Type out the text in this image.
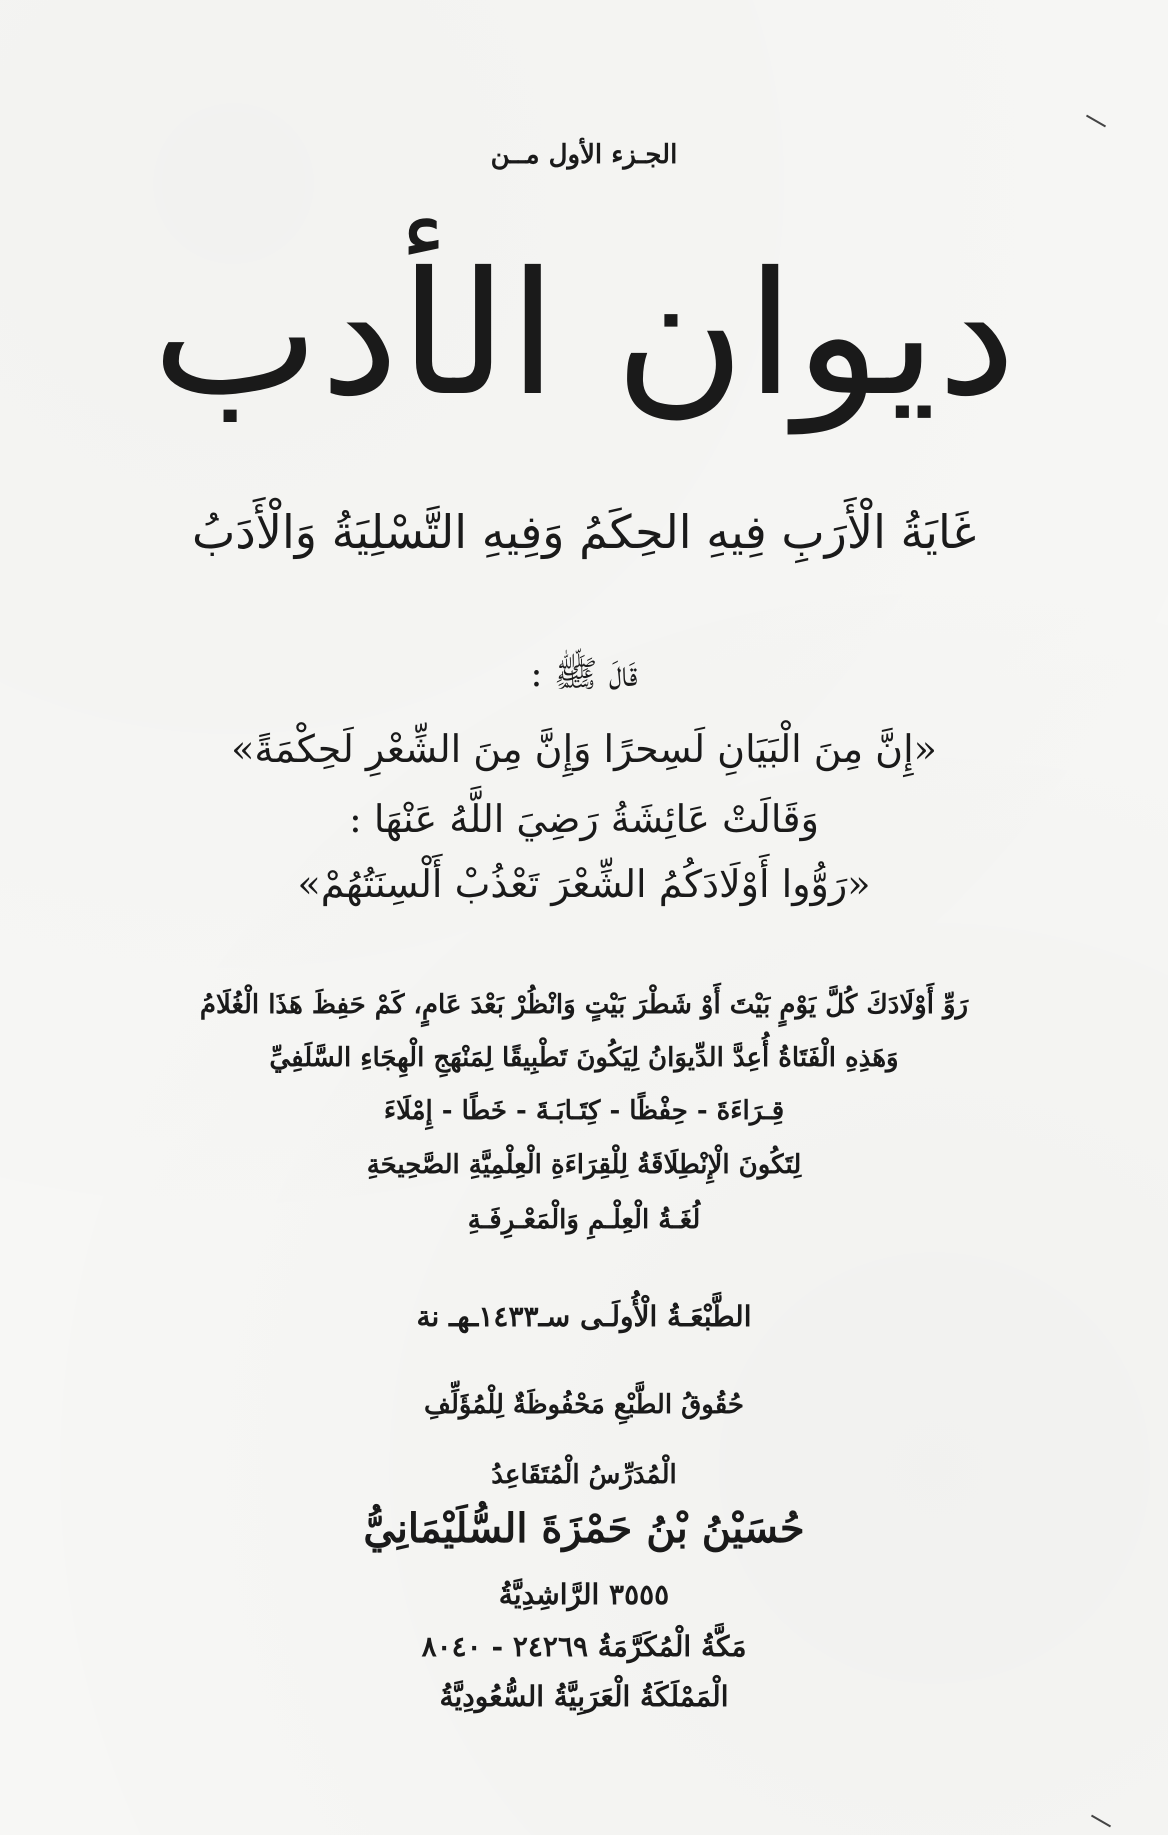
الجـزء الأول مــن
ديوان الأدب
غَايَةُ الْأَرَبِ فِيهِ الحِكَمُ وَفِيهِ التَّسْلِيَةُ وَالْأَدَبُ
قَالَ ﷺ :
«إِنَّ مِنَ الْبَيَانِ لَسِحرًا وَإِنَّ مِنَ الشِّعْرِ لَحِكْمَةً»
وَقَالَتْ عَائِشَةُ رَضِيَ اللَّهُ عَنْهَا :
«رَوُّوا أَوْلَادَكُمُ الشِّعْرَ تَعْذُبْ أَلْسِنَتُهُمْ»
رَوِّ أَوْلَادَكَ كُلَّ يَوْمٍ بَيْتَ أَوْ شَطْرَ بَيْتٍ وَانْظُرْ بَعْدَ عَامٍ، كَمْ حَفِظَ هَذَا الْغُلَامُ
وَهَذِهِ الْفَتَاةُ أُعِدَّ الدِّيوَانُ لِيَكُونَ تَطْبِيقًا لِمَنْهَجِ الْهِجَاءِ السَّلَفِيِّ
قِـرَاءَةَ - حِفْظًا - كِتَـابَـةَ - خَطًا - إِمْلَاءَ
لِتَكُونَ الْإِنْطِلَاقَةُ لِلْقِرَاءَةِ الْعِلْمِيَّةِ الصَّحِيحَةِ
لُغَـةُ الْعِلْـمِ وَالْمَعْـرِفَـةِ
الطَّبْعَـةُ الْأُولَـى سـ١٤٣٣ـهـ نة
حُقُوقُ الطَّبْعِ مَحْفُوظَةٌ لِلْمُؤَلِّفِ
الْمُدَرِّسُ الْمُتَقَاعِدُ
حُسَيْنُ بْنُ حَمْزَةَ السُّلَيْمَانِيُّ
٣٥٥٥ الرَّاشِدِيَّةُ
مَكَّةُ الْمُكَرَّمَةُ ٢٤٢٦٩ - ٨٠٤٠
الْمَمْلَكَةُ الْعَرَبِيَّةُ السُّعُودِيَّةُ
